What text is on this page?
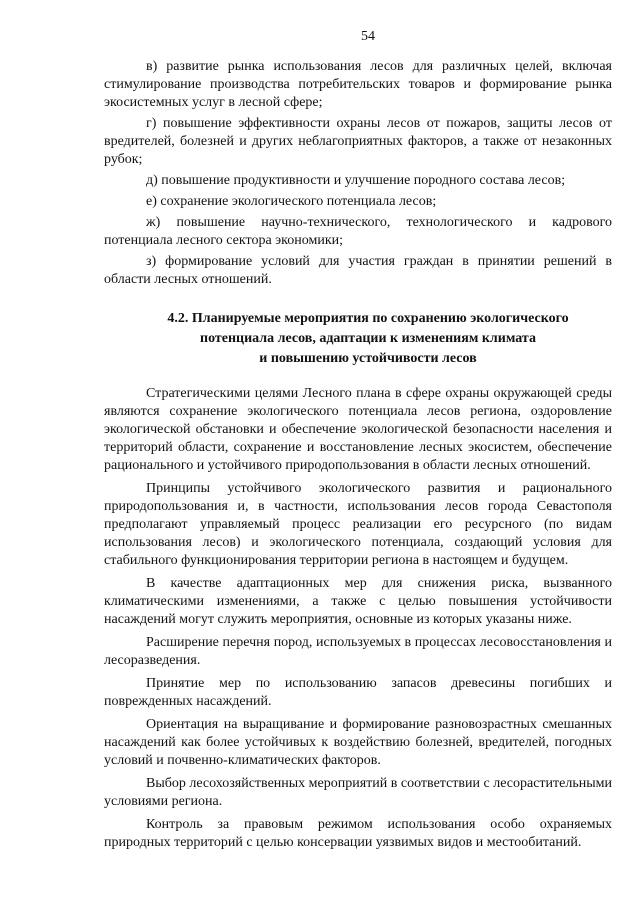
54

в) развитие рынка использования лесов для различных целей, включая стимулирование производства потребительских товаров и формирование рынка экосистемных услуг в лесной сфере;

г) повышение эффективности охраны лесов от пожаров, защиты лесов от вредителей, болезней и других неблагоприятных факторов, а также от незаконных рубок;

д) повышение продуктивности и улучшение породного состава лесов;

е) сохранение экологического потенциала лесов;

ж) повышение научно-технического, технологического и кадрового потенциала лесного сектора экономики;

з) формирование условий для участия граждан в принятии решений в области лесных отношений.

4.2. Планируемые мероприятия по сохранению экологического
потенциала лесов, адаптации к изменениям климата
и повышению устойчивости лесов

Стратегическими целями Лесного плана в сфере охраны окружающей среды являются сохранение экологического потенциала лесов региона, оздоровление экологической обстановки и обеспечение экологической безопасности населения и территорий области, сохранение и восстановление лесных экосистем, обеспечение рационального и устойчивого природопользования в области лесных отношений.

Принципы устойчивого экологического развития и рационального природопользования и, в частности, использования лесов города Севастополя предполагают управляемый процесс реализации его ресурсного (по видам использования лесов) и экологического потенциала, создающий условия для стабильного функционирования территории региона в настоящем и будущем.

В качестве адаптационных мер для снижения риска, вызванного климатическими изменениями, а также с целью повышения устойчивости насаждений могут служить мероприятия, основные из которых указаны ниже.

Расширение перечня пород, используемых в процессах лесовосстановления и лесоразведения.

Принятие мер по использованию запасов древесины погибших и поврежденных насаждений.

Ориентация на выращивание и формирование разновозрастных смешанных насаждений как более устойчивых к воздействию болезней, вредителей, погодных условий и почвенно-климатических факторов.

Выбор лесохозяйственных мероприятий в соответствии с лесорастительными условиями региона.

Контроль за правовым режимом использования особо охраняемых природных территорий с целью консервации уязвимых видов и местообитаний.
